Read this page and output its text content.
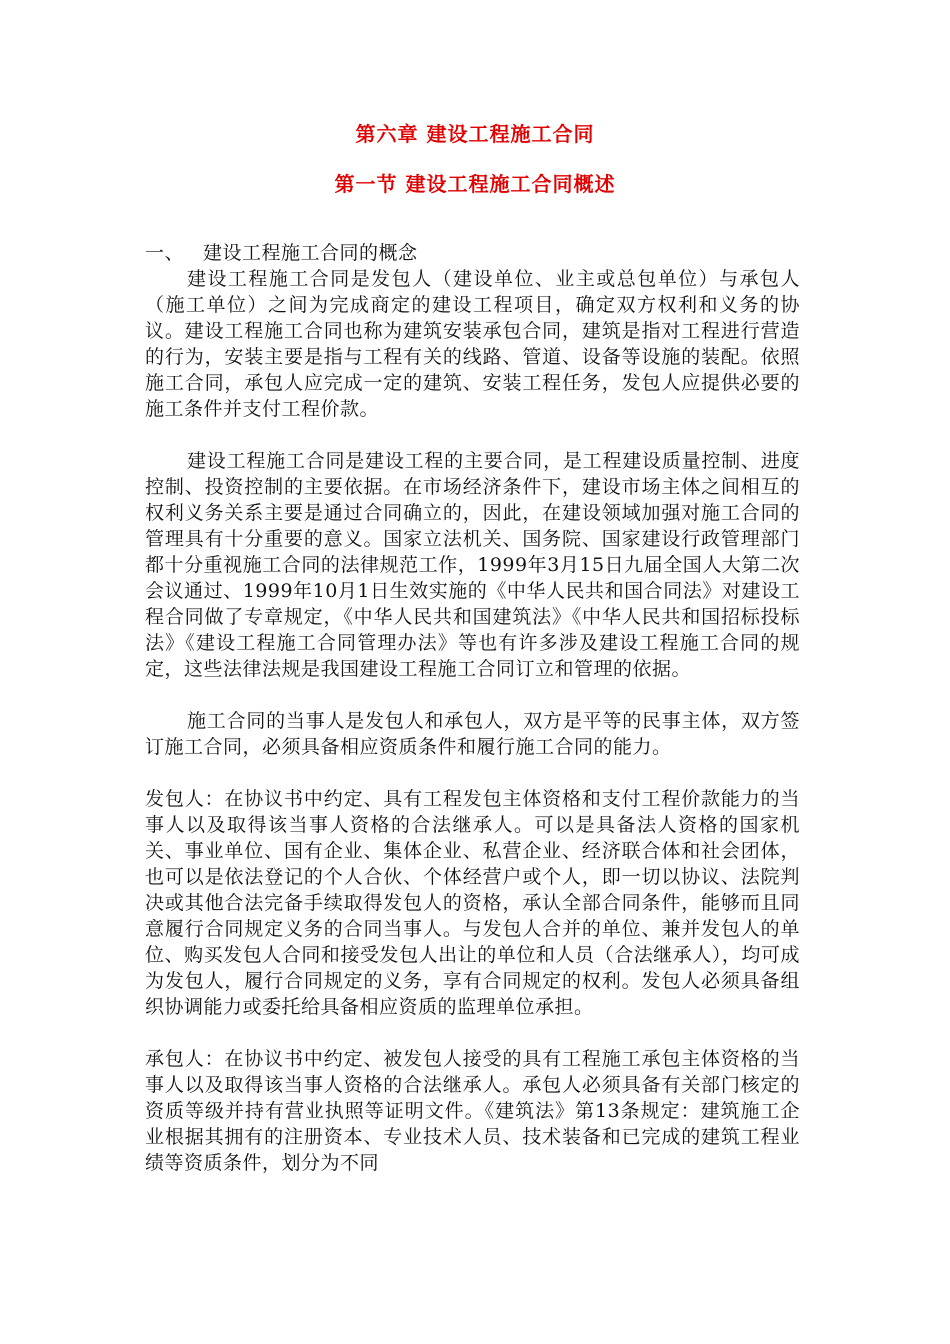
第六章 建设工程施工合同
第一节 建设工程施工合同概述

一、 建设工程施工合同的概念

建设工程施工合同是发包人（建设单位、业主或总包单位）与承包人（施工单位）之间为完成商定的建设工程项目，确定双方权利和义务的协议。建设工程施工合同也称为建筑安装承包合同，建筑是指对工程进行营造的行为，安装主要是指与工程有关的线路、管道、设备等设施的装配。依照施工合同，承包人应完成一定的建筑、安装工程任务，发包人应提供必要的施工条件并支付工程价款。

建设工程施工合同是建设工程的主要合同，是工程建设质量控制、进度控制、投资控制的主要依据。在市场经济条件下，建设市场主体之间相互的权利义务关系主要是通过合同确立的，因此，在建设领域加强对施工合同的管理具有十分重要的意义。国家立法机关、国务院、国家建设行政管理部门都十分重视施工合同的法律规范工作，1999年3月15日九届全国人大第二次会议通过、1999年10月1日生效实施的《中华人民共和国合同法》对建设工程合同做了专章规定，《中华人民共和国建筑法》《中华人民共和国招标投标法》《建设工程施工合同管理办法》等也有许多涉及建设工程施工合同的规定，这些法律法规是我国建设工程施工合同订立和管理的依据。

施工合同的当事人是发包人和承包人，双方是平等的民事主体，双方签订施工合同，必须具备相应资质条件和履行施工合同的能力。

发包人：在协议书中约定、具有工程发包主体资格和支付工程价款能力的当事人以及取得该当事人资格的合法继承人。可以是具备法人资格的国家机关、事业单位、国有企业、集体企业、私营企业、经济联合体和社会团体，也可以是依法登记的个人合伙、个体经营户或个人，即一切以协议、法院判决或其他合法完备手续取得发包人的资格，承认全部合同条件，能够而且同意履行合同规定义务的合同当事人。与发包人合并的单位、兼并发包人的单位、购买发包人合同和接受发包人出让的单位和人员（合法继承人），均可成为发包人，履行合同规定的义务，享有合同规定的权利。发包人必须具备组织协调能力或委托给具备相应资质的监理单位承担。

承包人：在协议书中约定、被发包人接受的具有工程施工承包主体资格的当事人以及取得该当事人资格的合法继承人。承包人必须具备有关部门核定的资质等级并持有营业执照等证明文件。《建筑法》第13条规定：建筑施工企业根据其拥有的注册资本、专业技术人员、技术装备和已完成的建筑工程业绩等资质条件，划分为不同
